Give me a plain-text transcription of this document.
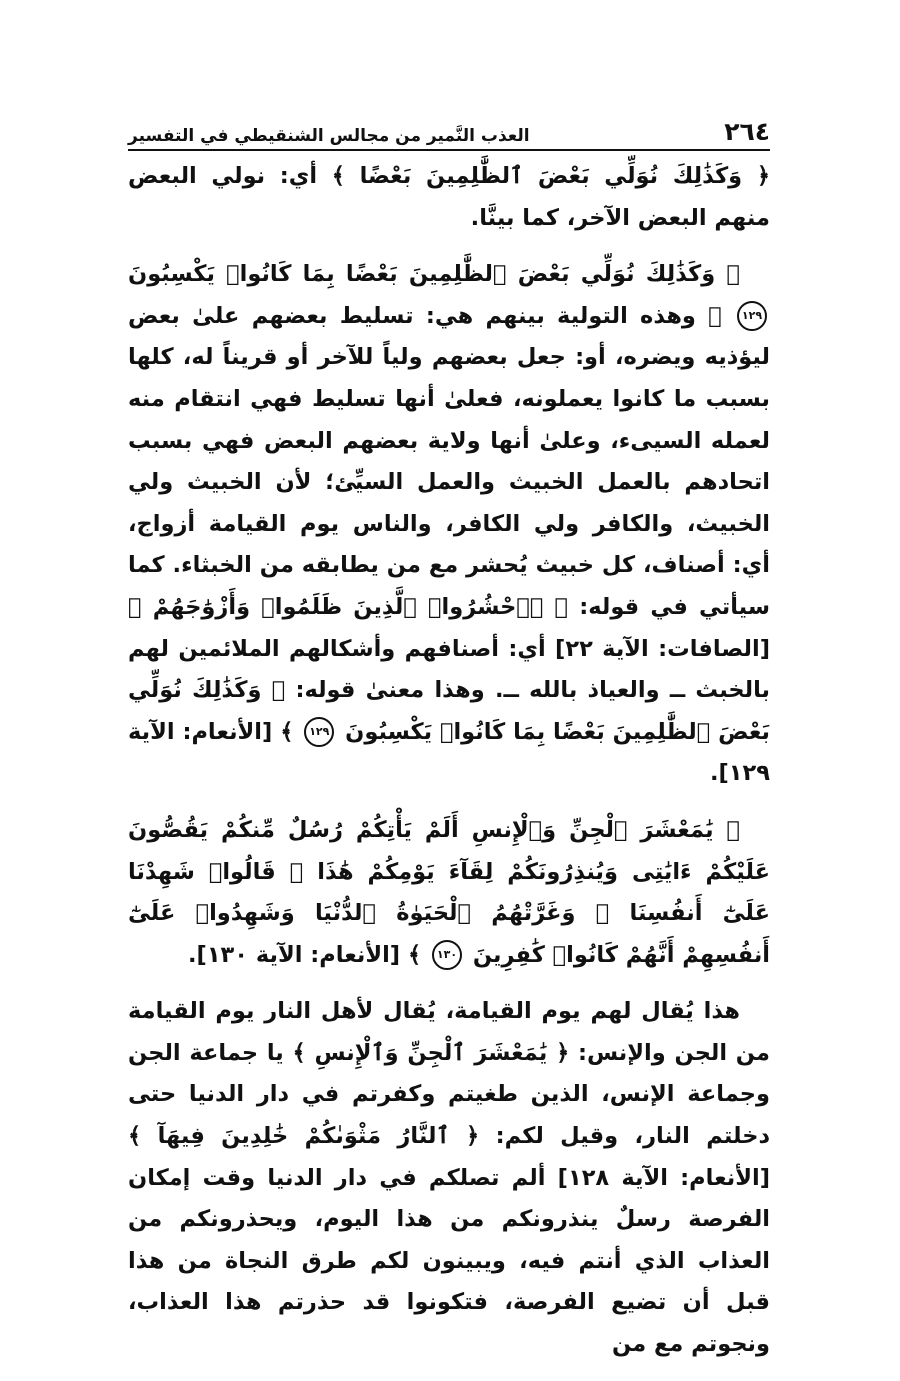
٢٦٤
العذب النَّمير من مجالس الشنقيطي في التفسير

﴿ وَكَذَٰلِكَ نُوَلِّي بَعْضَ ٱلظَّٰلِمِينَ بَعْضًا ﴾ أي: نولي البعض منهم البعض الآخر، كما بينَّا.

﴿ وَكَذَٰلِكَ نُوَلِّي بَعْضَ ٱلظَّٰلِمِينَ بَعْضًا بِمَا كَانُوا۟ يَكْسِبُونَ ١٢٩ ﴾ وهذه التولية بينهم هي: تسليط بعضهم علىٰ بعض ليؤذيه ويضره، أو: جعل بعضهم ولياً للآخر أو قريناً له، كلها بسبب ما كانوا يعملونه، فعلىٰ أنها تسليط فهي انتقام منه لعمله السيىء، وعلىٰ أنها ولاية بعضهم البعض فهي بسبب اتحادهم بالعمل الخبيث والعمل السيِّئ؛ لأن الخبيث ولي الخبيث، والكافر ولي الكافر، والناس يوم القيامة أزواج، أي: أصناف، كل خبيث يُحشر مع من يطابقه من الخبثاء. كما سيأتي في قوله: ﴿ ۞ٱحْشُرُوا۟ ٱلَّذِينَ ظَلَمُوا۟ وَأَزْوَٰجَهُمْ ﴾ [الصافات: الآية ٢٢] أي: أصنافهم وأشكالهم الملائمين لهم بالخبث ــ والعياذ بالله ــ. وهذا معنىٰ قوله: ﴿ وَكَذَٰلِكَ نُوَلِّي بَعْضَ ٱلظَّٰلِمِينَ بَعْضًا بِمَا كَانُوا۟ يَكْسِبُونَ ١٢٩ ﴾ [الأنعام: الآية ١٢٩].

﴿ يَٰمَعْشَرَ ٱلْجِنِّ وَٱلْإِنسِ أَلَمْ يَأْتِكُمْ رُسُلٌ مِّنكُمْ يَقُصُّونَ عَلَيْكُمْ ءَايَٰتِى وَيُنذِرُونَكُمْ لِقَآءَ يَوْمِكُمْ هَٰذَا ۚ قَالُوا۟ شَهِدْنَا عَلَىٰٓ أَنفُسِنَا ۖ وَغَرَّتْهُمُ ٱلْحَيَوٰةُ ٱلدُّنْيَا وَشَهِدُوا۟ عَلَىٰٓ أَنفُسِهِمْ أَنَّهُمْ كَانُوا۟ كَٰفِرِينَ ١٣٠ ﴾ [الأنعام: الآية ١٣٠].

هذا يُقال لهم يوم القيامة، يُقال لأهل النار يوم القيامة من الجن والإنس: ﴿ يَٰمَعْشَرَ ٱلْجِنِّ وَٱلْإِنسِ ﴾ يا جماعة الجن وجماعة الإنس، الذين طغيتم وكفرتم في دار الدنيا حتى دخلتم النار، وقيل لكم: ﴿ ٱلنَّارُ مَثْوَىٰكُمْ خَٰلِدِينَ فِيهَآ ﴾ [الأنعام: الآية ١٢٨] ألم تصلكم في دار الدنيا وقت إمكان الفرصة رسلٌ ينذرونكم من هذا اليوم، ويحذرونكم من العذاب الذي أنتم فيه، ويبينون لكم طرق النجاة من هذا قبل أن تضيع الفرصة، فتكونوا قد حذرتم هذا العذاب، ونجوتم مع من
